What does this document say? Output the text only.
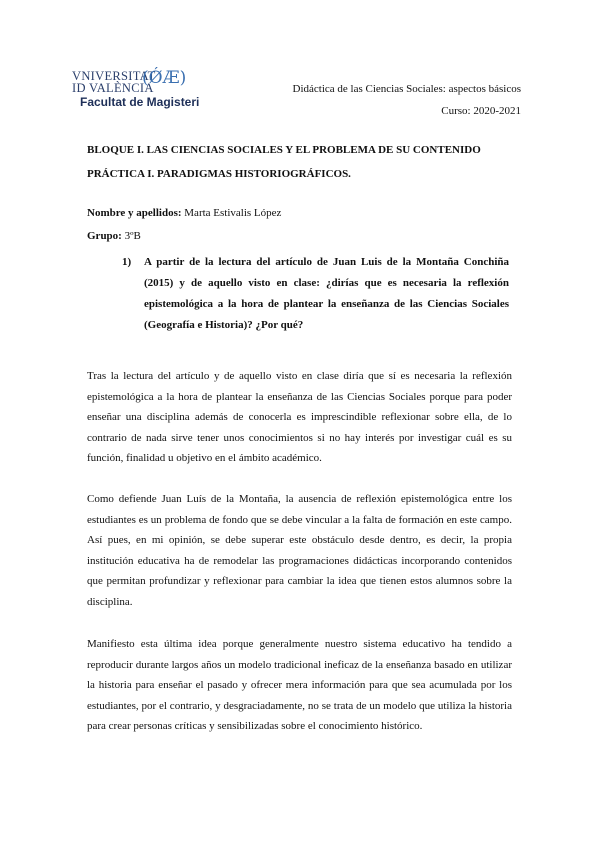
VNIVERSITAT
ID VALÈNCIA
(ǾÆ)
Facultat de Magisteri
Didáctica de las Ciencias Sociales: aspectos básicos
Curso: 2020-2021
BLOQUE I. LAS CIENCIAS SOCIALES Y EL PROBLEMA DE SU CONTENIDO
PRÁCTICA I. PARADIGMAS HISTORIOGRÁFICOS.
Nombre y apellidos: Marta Estivalis López
Grupo: 3ºB
1) A partir de la lectura del artículo de Juan Luis de la Montaña Conchiña (2015) y de aquello visto en clase: ¿dirías que es necesaria la reflexión epistemológica a la hora de plantear la enseñanza de las Ciencias Sociales (Geografía e Historia)? ¿Por qué?

Tras la lectura del artículo y de aquello visto en clase diría que sí es necesaria la reflexión epistemológica a la hora de plantear la enseñanza de las Ciencias Sociales porque para poder enseñar una disciplina además de conocerla es imprescindible reflexionar sobre ella, de lo contrario de nada sirve tener unos conocimientos si no hay interés por investigar cuál es su función, finalidad u objetivo en el ámbito académico.

Como defiende Juan Luís de la Montaña, la ausencia de reflexión epistemológica entre los estudiantes es un problema de fondo que se debe vincular a la falta de formación en este campo. Así pues, en mi opinión, se debe superar este obstáculo desde dentro, es decir, la propia institución educativa ha de remodelar las programaciones didácticas incorporando contenidos que permitan profundizar y reflexionar para cambiar la idea que tienen estos alumnos sobre la disciplina.

Manifiesto esta última idea porque generalmente nuestro sistema educativo ha tendido a reproducir durante largos años un modelo tradicional ineficaz de la enseñanza basado en utilizar la historia para enseñar el pasado y ofrecer mera información para que sea acumulada por los estudiantes, por el contrario, y desgraciadamente, no se trata de un modelo que utiliza la historia para crear personas críticas y sensibilizadas sobre el conocimiento histórico.
